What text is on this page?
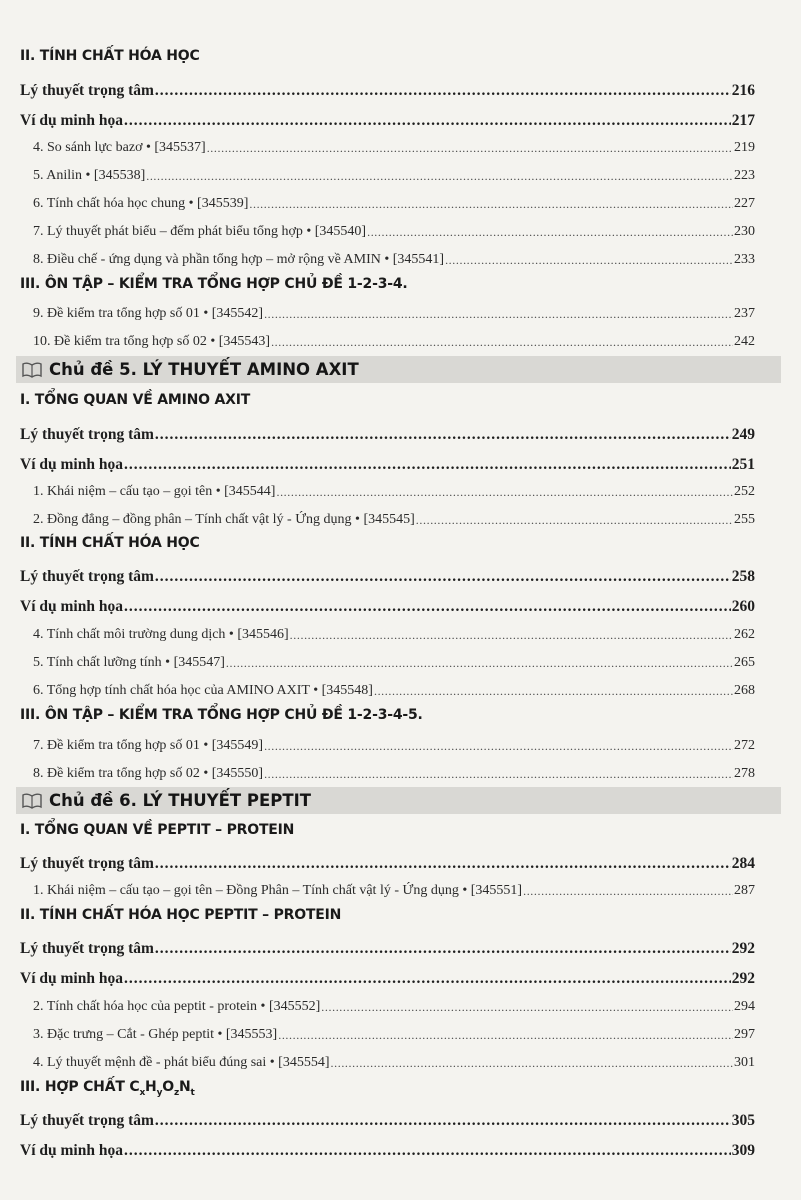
II. TÍNH CHẤT HÓA HỌC
Lý thuyết trọng tâm .....	216
Ví dụ minh họa .....	217
4. So sánh lực bazơ • [345537] .....	219
5. Anilin • [345538] .....	223
6. Tính chất hóa học chung • [345539] .....	227
7. Lý thuyết phát biểu – đếm phát biểu tổng hợp • [345540] .....	230
8. Điều chế - ứng dụng và phần tổng hợp – mở rộng về AMIN • [345541] .....	233
III. ÔN TẬP – KIỂM TRA TỔNG HỢP CHỦ ĐỀ 1-2-3-4.
9. Đề kiểm tra tổng hợp số 01 • [345542] .....	237
10. Đề kiểm tra tổng hợp số 02 • [345543] .....	242
Chủ đề 5. LÝ THUYẾT AMINO AXIT
I. TỔNG QUAN VỀ AMINO AXIT
Lý thuyết trọng tâm .....	249
Ví dụ minh họa .....	251
1. Khái niệm – cấu tạo – gọi tên • [345544] .....	252
2. Đồng đẳng – đồng phân – Tính chất vật lý - Ứng dụng • [345545] .....	255
II. TÍNH CHẤT HÓA HỌC
Lý thuyết trọng tâm .....	258
Ví dụ minh họa .....	260
4. Tính chất môi trường dung dịch • [345546] .....	262
5. Tính chất lưỡng tính • [345547] .....	265
6. Tổng hợp tính chất hóa học của AMINO AXIT • [345548] .....	268
III. ÔN TẬP – KIỂM TRA TỔNG HỢP CHỦ ĐỀ 1-2-3-4-5.
7. Đề kiểm tra tổng hợp số 01 • [345549] .....	272
8. Đề kiểm tra tổng hợp số 02 • [345550] .....	278
Chủ đề 6. LÝ THUYẾT PEPTIT
I. TỔNG QUAN VỀ PEPTIT – PROTEIN
Lý thuyết trọng tâm .....	284
1. Khái niệm – cấu tạo – gọi tên – Đồng Phân – Tính chất vật lý - Ứng dụng • [345551] .....	287
II. TÍNH CHẤT HÓA HỌC PEPTIT – PROTEIN
Lý thuyết trọng tâm .....	292
Ví dụ minh họa .....	292
2. Tính chất hóa học của peptit - protein • [345552] .....	294
3. Đặc trưng – Cắt - Ghép peptit • [345553] .....	297
4. Lý thuyết mệnh đề - phát biểu đúng sai • [345554] .....	301
III. HỢP CHẤT $C_xH_yO_zN_t$
Lý thuyết trọng tâm .....	305
Ví dụ minh họa .....	309
